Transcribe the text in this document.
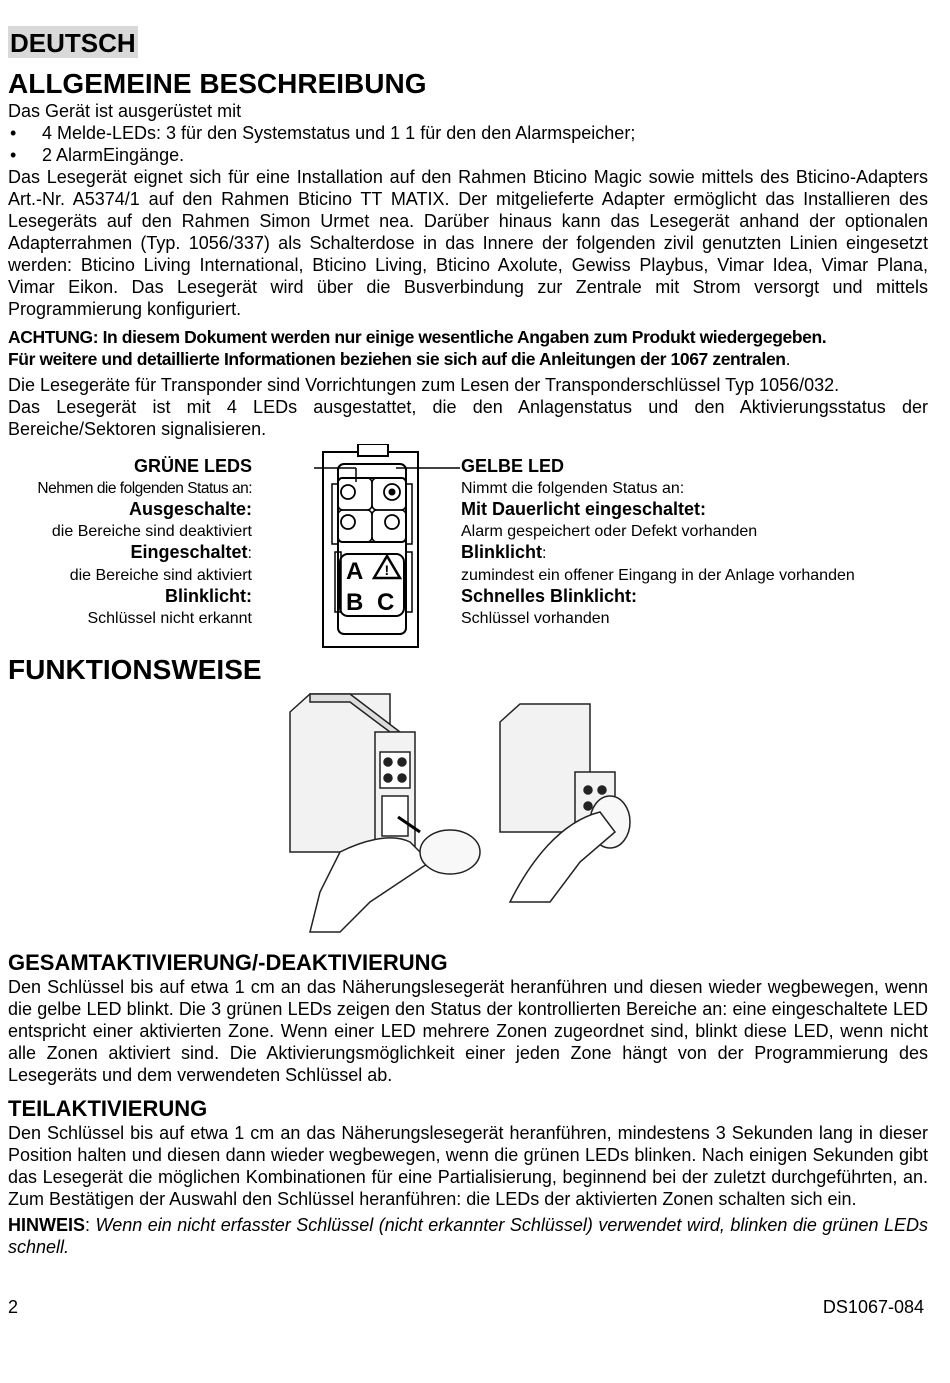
DEUTSCH
ALLGEMEINE BESCHREIBUNG

Das Gerät ist ausgerüstet mit

• 4 Melde-LEDs: 3 für den Systemstatus und 1 1 für den den Alarmspeicher;
• 2 AlarmEingänge.

Das Lesegerät eignet sich für eine Installation auf den Rahmen Bticino Magic sowie mittels des Bticino-Adapters Art.-Nr. A5374/1 auf den Rahmen Bticino TT MATIX. Der mitgelieferte Adapter ermöglicht das Installieren des Lesegeräts auf den Rahmen Simon Urmet nea. Darüber hinaus kann das Lesegerät anhand der optionalen Adapterrahmen (Typ. 1056/337) als Schalterdose in das Innere der folgenden zivil genutzten Linien eingesetzt werden: Bticino Living International, Bticino Living, Bticino Axolute, Gewiss Playbus, Vimar Idea, Vimar Plana, Vimar Eikon. Das Lesegerät wird über die Busverbindung zur Zentrale mit Strom versorgt und mittels Programmierung konfiguriert.

ACHTUNG: In diesem Dokument werden nur einige wesentliche Angaben zum Produkt wiedergegeben.
Für weitere und detaillierte Informationen beziehen sie sich auf die Anleitungen der 1067 zentralen.

Die Lesegeräte für Transponder sind Vorrichtungen zum Lesen der Transponderschlüssel Typ 1056/032.

Das Lesegerät ist mit 4 LEDs ausgestattet, die den Anlagenstatus und den Aktivierungsstatus der Bereiche/Sektoren signalisieren.

GRÜNE LEDS
Nehmen die folgenden Status an:
Ausgeschalte:
die Bereiche sind deaktiviert
Eingeschaltet:
die Bereiche sind aktiviert
Blinklicht:
Schlüssel nicht erkannt
A !
B C
GELBE LED
Nimmt die folgenden Status an:
Mit Dauerlicht eingeschaltet:
Alarm gespeichert oder Defekt vorhanden
Blinklicht:
zumindest ein offener Eingang in der Anlage vorhanden
Schnelles Blinklicht:
Schlüssel vorhanden
FUNKTIONSWEISE
GESAMTAKTIVIERUNG/-DEAKTIVIERUNG

Den Schlüssel bis auf etwa 1 cm an das Näherungslesegerät heranführen und diesen wieder wegbewegen, wenn die gelbe LED blinkt. Die 3 grünen LEDs zeigen den Status der kontrollierten Bereiche an: eine eingeschaltete LED entspricht einer aktivierten Zone. Wenn einer LED mehrere Zonen zugeordnet sind, blinkt diese LED, wenn nicht alle Zonen aktiviert sind. Die Aktivierungsmöglichkeit einer jeden Zone hängt von der Programmierung des Lesegeräts und dem verwendeten Schlüssel ab.

TEILAKTIVIERUNG

Den Schlüssel bis auf etwa 1 cm an das Näherungslesegerät heranführen, mindestens 3 Sekunden lang in dieser Position halten und diesen dann wieder wegbewegen, wenn die grünen LEDs blinken. Nach einigen Sekunden gibt das Lesegerät die möglichen Kombinationen für eine Partialisierung, beginnend bei der zuletzt durchgeführten, an. Zum Bestätigen der Auswahl den Schlüssel heranführen: die LEDs der aktivierten Zonen schalten sich ein.

HINWEIS: Wenn ein nicht erfasster Schlüssel (nicht erkannter Schlüssel) verwendet wird, blinken die grünen LEDs schnell.

2	DS1067-084
